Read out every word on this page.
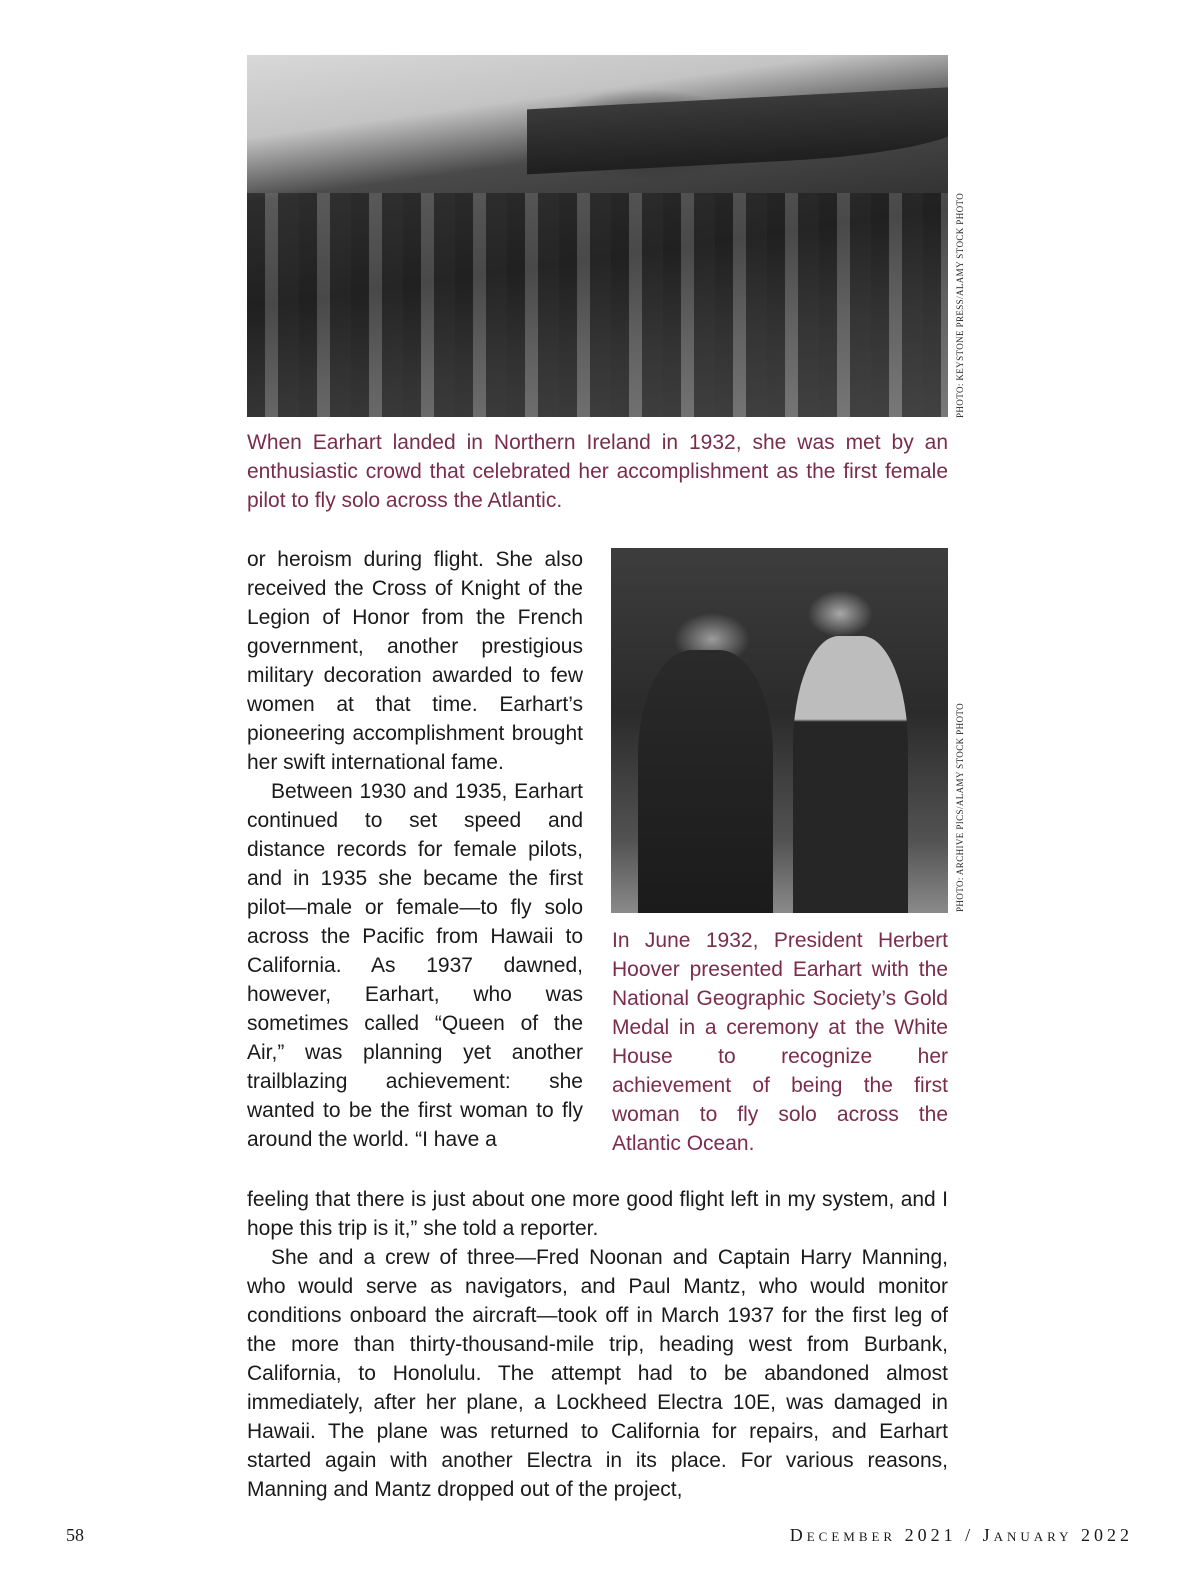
PHOTO: KEYSTONE PRESS/ALAMY STOCK PHOTO
When Earhart landed in Northern Ireland in 1932, she was met by an enthusiastic crowd that celebrated her accomplishment as the first female pilot to fly solo across the Atlantic.

or heroism during flight. She also received the Cross of Knight of the Legion of Honor from the French government, another prestigious military decoration awarded to few women at that time. Earhart’s pioneering accomplishment brought her swift international fame.

Between 1930 and 1935, Earhart continued to set speed and distance records for female pilots, and in 1935 she became the first pilot—male or female—to fly solo across the Pacific from Hawaii to California. As 1937 dawned, however, Earhart, who was sometimes called “Queen of the Air,” was planning yet another trailblazing achievement: she wanted to be the first woman to fly around the world. “I have a

PHOTO: ARCHIVE PICS/ALAMY STOCK PHOTO
In June 1932, President Herbert Hoover presented Earhart with the National Geographic Society’s Gold Medal in a ceremony at the White House to recognize her achievement of being the first woman to fly solo across the Atlantic Ocean.

feeling that there is just about one more good flight left in my system, and I hope this trip is it,” she told a reporter.

She and a crew of three—Fred Noonan and Captain Harry Manning, who would serve as navigators, and Paul Mantz, who would monitor conditions onboard the aircraft—took off in March 1937 for the first leg of the more than thirty-thousand-mile trip, heading west from Burbank, California, to Honolulu. The attempt had to be abandoned almost immediately, after her plane, a Lockheed Electra 10E, was damaged in Hawaii. The plane was returned to California for repairs, and Earhart started again with another Electra in its place. For various reasons, Manning and Mantz dropped out of the project,

58	December 2021 / January 2022
